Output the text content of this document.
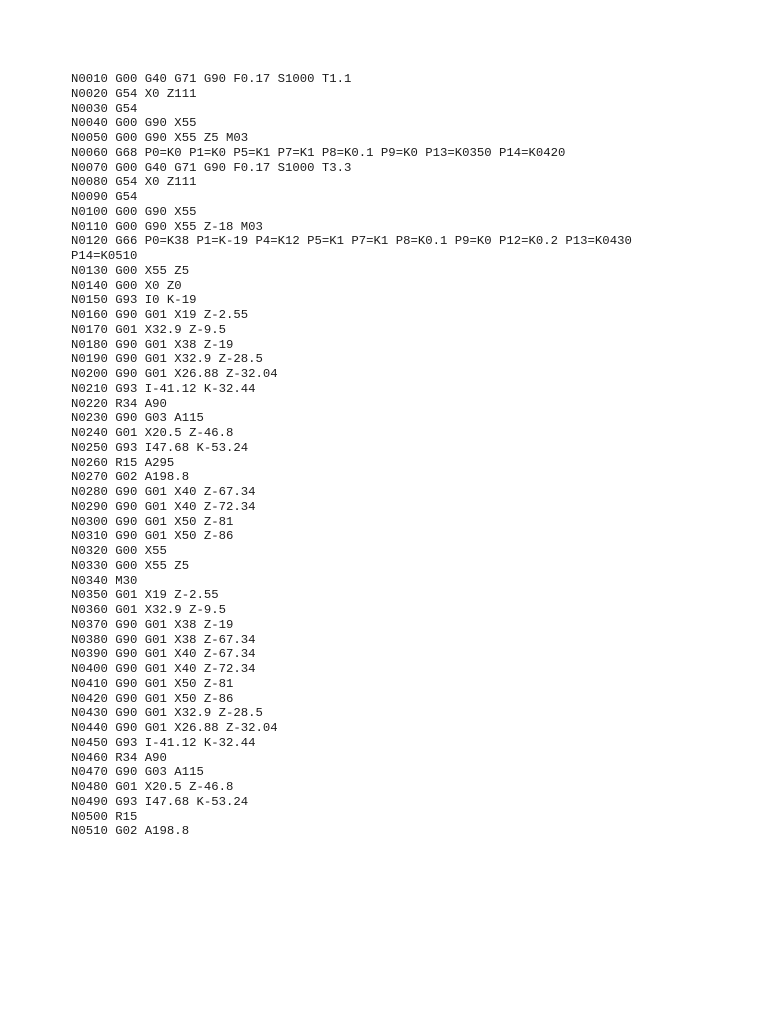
N0010 G00 G40 G71 G90 F0.17 S1000 T1.1
N0020 G54 X0 Z111
N0030 G54
N0040 G00 G90 X55
N0050 G00 G90 X55 Z5 M03
N0060 G68 P0=K0 P1=K0 P5=K1 P7=K1 P8=K0.1 P9=K0 P13=K0350 P14=K0420
N0070 G00 G40 G71 G90 F0.17 S1000 T3.3
N0080 G54 X0 Z111
N0090 G54
N0100 G00 G90 X55
N0110 G00 G90 X55 Z-18 M03
N0120 G66 P0=K38 P1=K-19 P4=K12 P5=K1 P7=K1 P8=K0.1 P9=K0 P12=K0.2 P13=K0430
P14=K0510
N0130 G00 X55 Z5
N0140 G00 X0 Z0
N0150 G93 I0 K-19
N0160 G90 G01 X19 Z-2.55
N0170 G01 X32.9 Z-9.5
N0180 G90 G01 X38 Z-19
N0190 G90 G01 X32.9 Z-28.5
N0200 G90 G01 X26.88 Z-32.04
N0210 G93 I-41.12 K-32.44
N0220 R34 A90
N0230 G90 G03 A115
N0240 G01 X20.5 Z-46.8
N0250 G93 I47.68 K-53.24
N0260 R15 A295
N0270 G02 A198.8
N0280 G90 G01 X40 Z-67.34
N0290 G90 G01 X40 Z-72.34
N0300 G90 G01 X50 Z-81
N0310 G90 G01 X50 Z-86
N0320 G00 X55
N0330 G00 X55 Z5
N0340 M30
N0350 G01 X19 Z-2.55
N0360 G01 X32.9 Z-9.5
N0370 G90 G01 X38 Z-19
N0380 G90 G01 X38 Z-67.34
N0390 G90 G01 X40 Z-67.34
N0400 G90 G01 X40 Z-72.34
N0410 G90 G01 X50 Z-81
N0420 G90 G01 X50 Z-86
N0430 G90 G01 X32.9 Z-28.5
N0440 G90 G01 X26.88 Z-32.04
N0450 G93 I-41.12 K-32.44
N0460 R34 A90
N0470 G90 G03 A115
N0480 G01 X20.5 Z-46.8
N0490 G93 I47.68 K-53.24
N0500 R15
N0510 G02 A198.8
